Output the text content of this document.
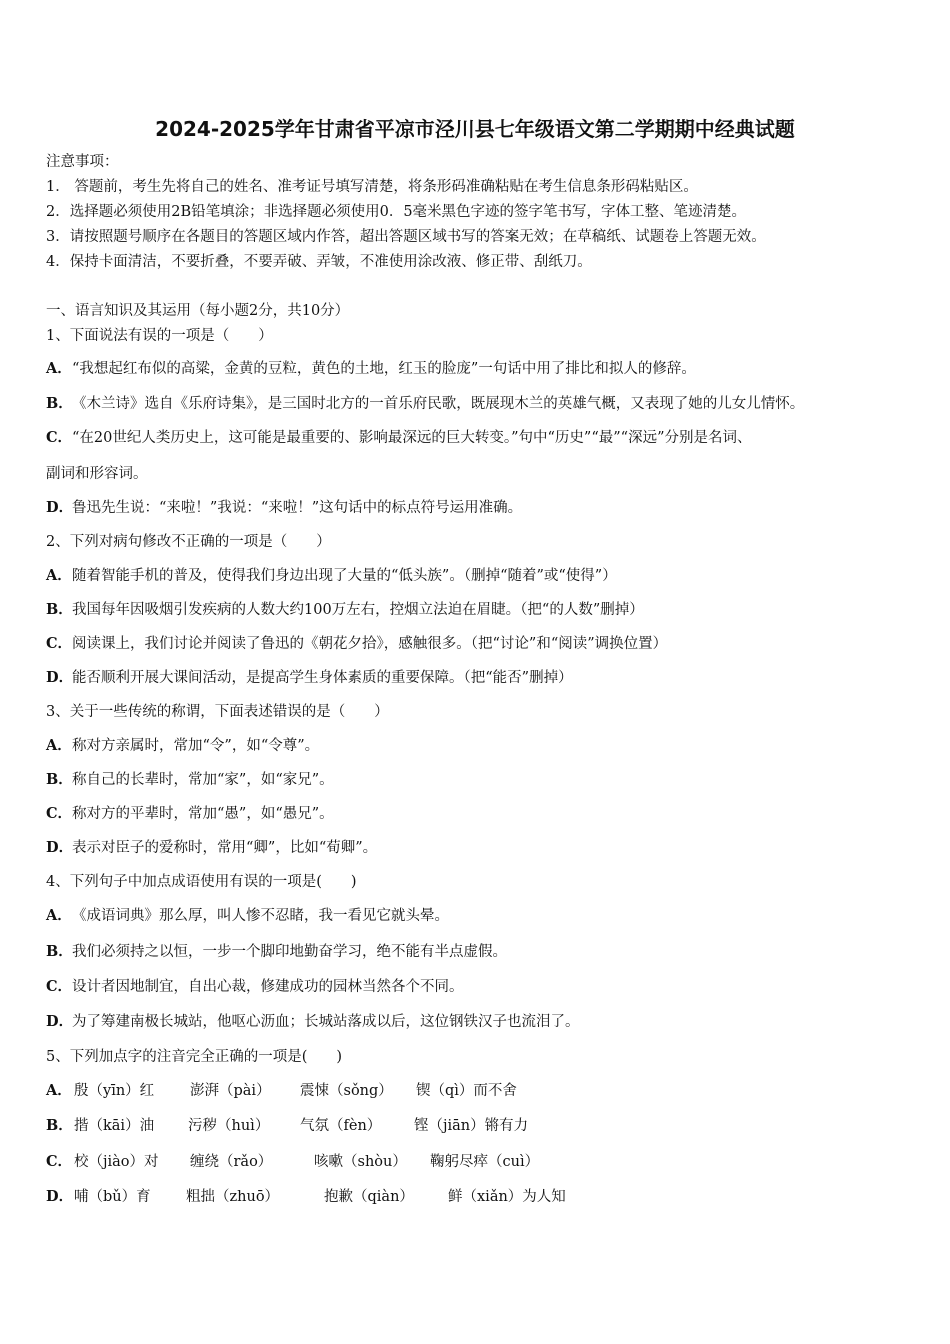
2024-2025学年甘肃省平凉市泾川县七年级语文第二学期期中经典试题
注意事项：
1． 答题前，考生先将自己的姓名、准考证号填写清楚，将条形码准确粘贴在考生信息条形码粘贴区。
2．选择题必须使用2B铅笔填涂；非选择题必须使用0．5毫米黑色字迹的签字笔书写，字体工整、笔迹清楚。
3．请按照题号顺序在各题目的答题区域内作答，超出答题区域书写的答案无效；在草稿纸、试题卷上答题无效。
4．保持卡面清洁，不要折叠，不要弄破、弄皱，不准使用涂改液、修正带、刮纸刀。
一、语言知识及其运用（每小题2分，共10分）
1、下面说法有误的一项是（　　）
A．“我想起红布似的高粱，金黄的豆粒，黄色的土地，红玉的脸庞”一句话中用了排比和拟人的修辞。
B．《木兰诗》选自《乐府诗集》，是三国时北方的一首乐府民歌，既展现木兰的英雄气概，又表现了她的儿女儿情怀。
C．“在20世纪人类历史上，这可能是最重要的、影响最深远的巨大转变。”句中“历史”“最”“深远”分别是名词、
副词和形容词。
D．鲁迅先生说：“来啦！”我说：“来啦！”这句话中的标点符号运用准确。
2、下列对病句修改不正确的一项是（　　）
A．随着智能手机的普及，使得我们身边出现了大量的“低头族”。（删掉“随着”或“使得”）
B．我国每年因吸烟引发疾病的人数大约100万左右，控烟立法迫在眉睫。（把“的人数”删掉）
C．阅读课上，我们讨论并阅读了鲁迅的《朝花夕拾》，感触很多。（把“讨论”和“阅读”调换位置）
D．能否顺利开展大课间活动，是提高学生身体素质的重要保障。（把“能否”删掉）
3、关于一些传统的称谓，下面表述错误的是（　　）
A．称对方亲属时，常加“令”，如“令尊”。
B．称自己的长辈时，常加“家”，如“家兄”。
C．称对方的平辈时，常加“愚”，如“愚兄”。
D．表示对臣子的爱称时，常用“卿”，比如“荀卿”。
4、下列句子中加点成语使用有误的一项是(　　)
A．《成语词典》那么厚，叫人惨不忍睹，我一看见它就头晕。
B．我们必须持之以恒，一步一个脚印地勤奋学习，绝不能有半点虚假。
C．设计者因地制宜，自出心裁，修建成功的园林当然各个不同。
D．为了筹建南极长城站，他呕心沥血；长城站落成以后，这位钢铁汉子也流泪了。
5、下列加点字的注音完全正确的一项是(　　)
A． 殷（yīn）红 澎湃（pài） 震悚（sǒng） 锲（qì）而不舍
B． 揩（kāi）油 污秽（huì） 气氛（fèn） 铿（jiān）锵有力
C． 校（jiào）对 缠绕（rǎo）	咳嗽（shòu） 鞠躬尽瘁（cuì）
D． 哺（bǔ）育 粗拙（zhuō）	抱歉（qiàn） 鲜（xiǎn）为人知
